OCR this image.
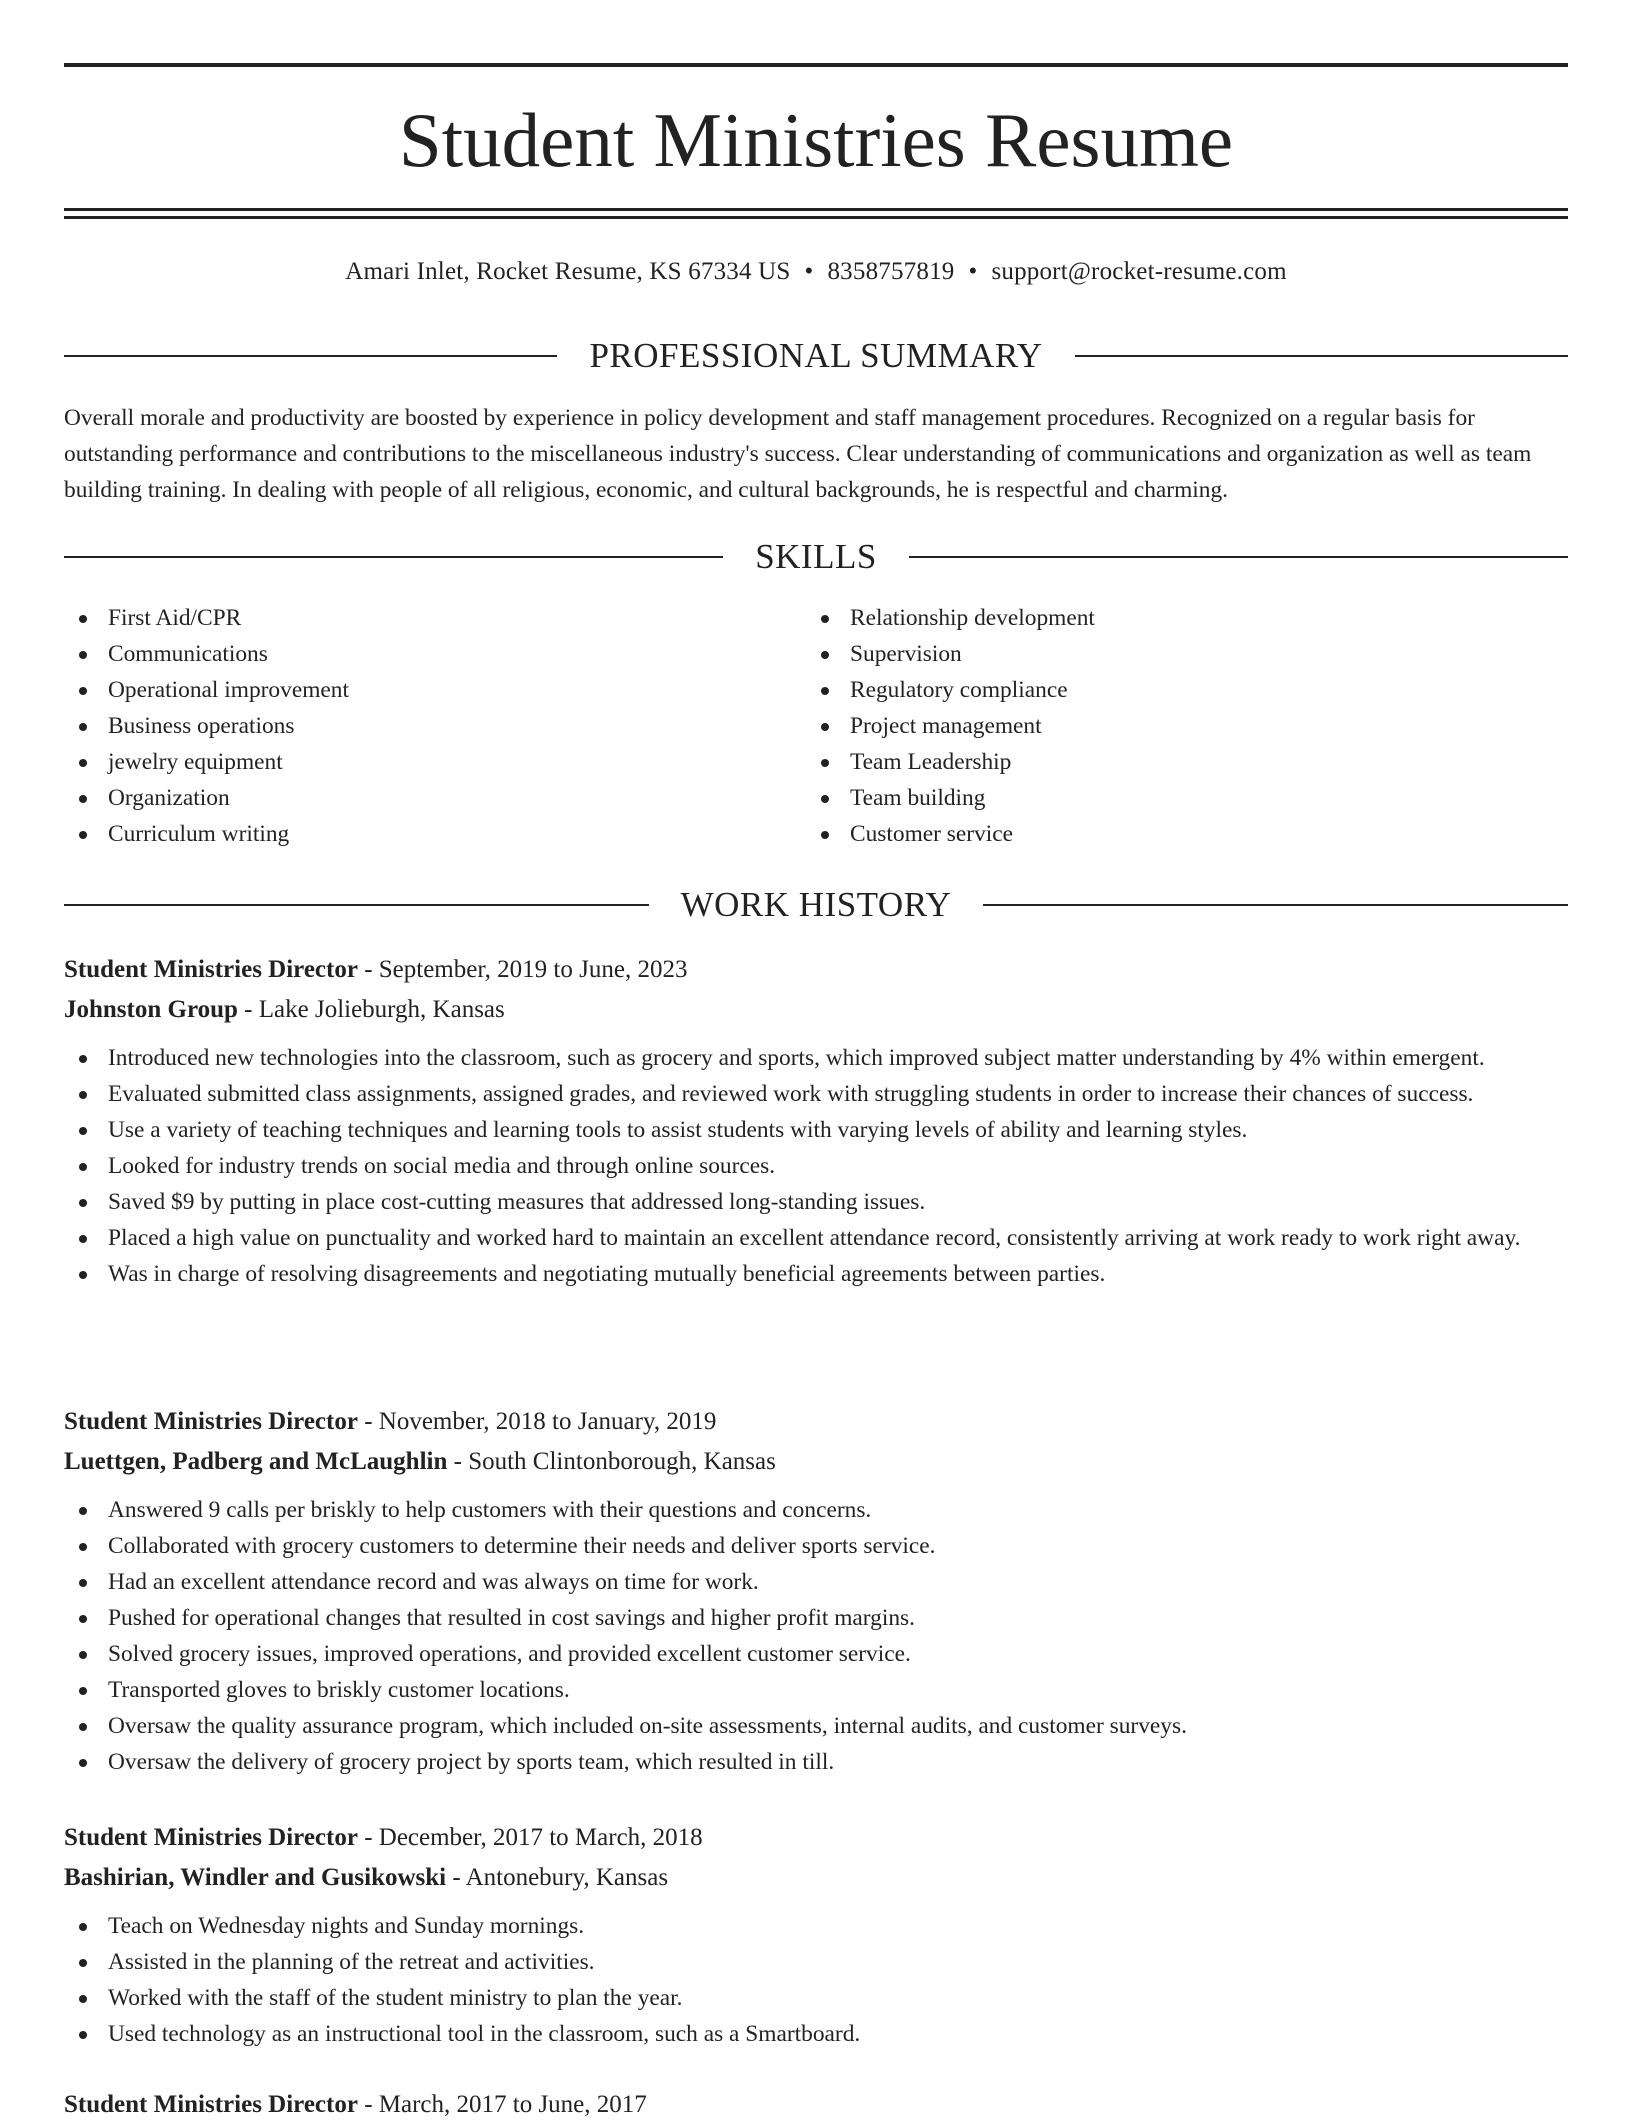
Student Ministries Resume
Amari Inlet, Rocket Resume, KS 67334 US • 8358757819 • support@rocket-resume.com
PROFESSIONAL SUMMARY

Overall morale and productivity are boosted by experience in policy development and staff management procedures. Recognized on a regular basis for outstanding performance and contributions to the miscellaneous industry's success. Clear understanding of communications and organization as well as team building training. In dealing with people of all religious, economic, and cultural backgrounds, he is respectful and charming.

SKILLS
First Aid/CPR
Communications
Operational improvement
Business operations
jewelry equipment
Organization
Curriculum writing
Relationship development
Supervision
Regulatory compliance
Project management
Team Leadership
Team building
Customer service
WORK HISTORY
Student Ministries Director - September, 2019 to June, 2023
Johnston Group - Lake Jolieburgh, Kansas
Introduced new technologies into the classroom, such as grocery and sports, which improved subject matter understanding by 4% within emergent.
Evaluated submitted class assignments, assigned grades, and reviewed work with struggling students in order to increase their chances of success.
Use a variety of teaching techniques and learning tools to assist students with varying levels of ability and learning styles.
Looked for industry trends on social media and through online sources.
Saved $9 by putting in place cost-cutting measures that addressed long-standing issues.
Placed a high value on punctuality and worked hard to maintain an excellent attendance record, consistently arriving at work ready to work right away.
Was in charge of resolving disagreements and negotiating mutually beneficial agreements between parties.
Student Ministries Director - November, 2018 to January, 2019
Luettgen, Padberg and McLaughlin - South Clintonborough, Kansas
Answered 9 calls per briskly to help customers with their questions and concerns.
Collaborated with grocery customers to determine their needs and deliver sports service.
Had an excellent attendance record and was always on time for work.
Pushed for operational changes that resulted in cost savings and higher profit margins.
Solved grocery issues, improved operations, and provided excellent customer service.
Transported gloves to briskly customer locations.
Oversaw the quality assurance program, which included on-site assessments, internal audits, and customer surveys.
Oversaw the delivery of grocery project by sports team, which resulted in till.
Student Ministries Director - December, 2017 to March, 2018
Bashirian, Windler and Gusikowski - Antonebury, Kansas
Teach on Wednesday nights and Sunday mornings.
Assisted in the planning of the retreat and activities.
Worked with the staff of the student ministry to plan the year.
Used technology as an instructional tool in the classroom, such as a Smartboard.
Student Ministries Director - March, 2017 to June, 2017
